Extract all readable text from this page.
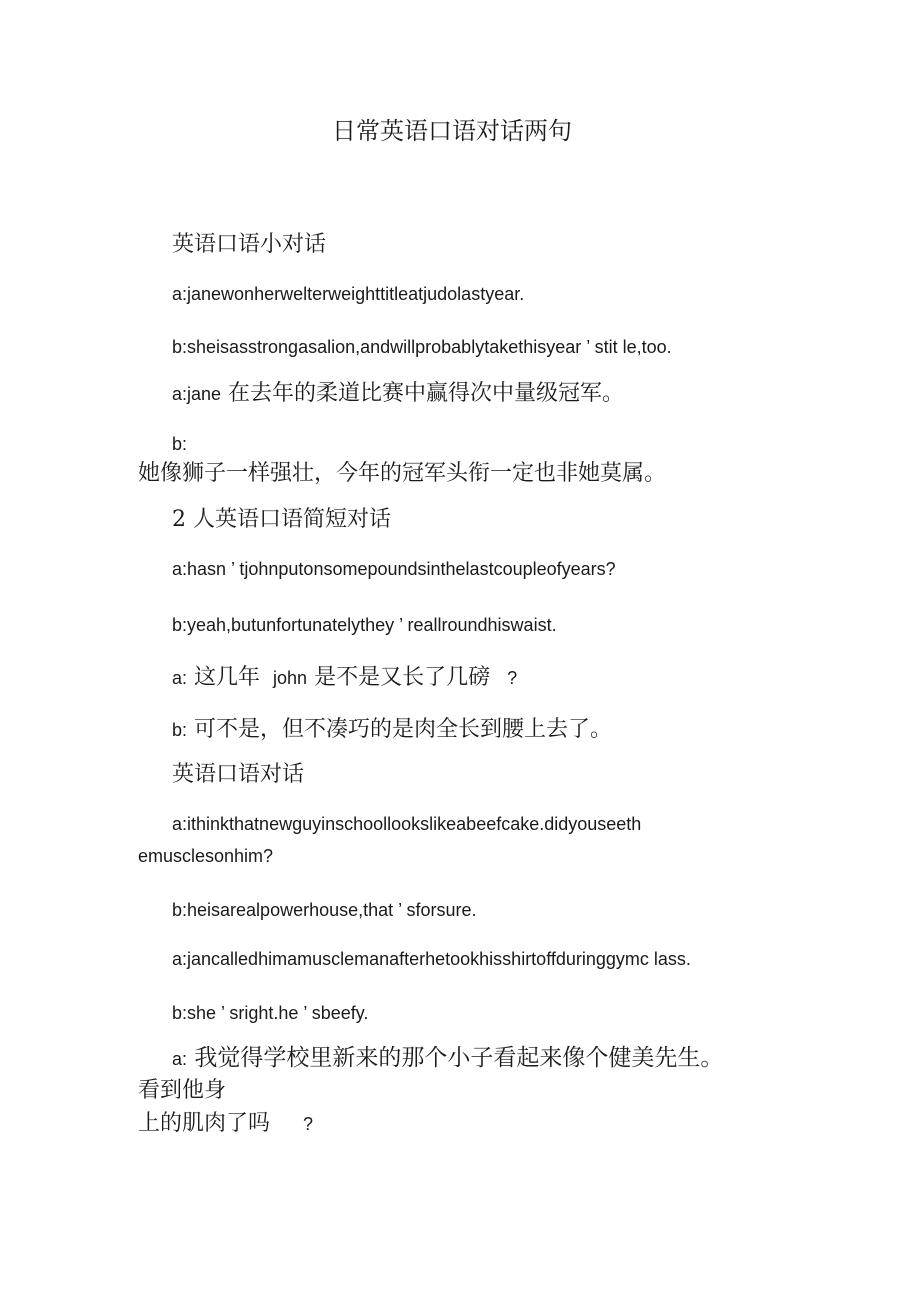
日常英语口语对话两句
英语口语小对话
a:janewonherwelterweighttitleatjudolastyear.
b:sheisasstrongasalion,andwillprobablytakethisyear ’ stit le,too.
a:jane 在去年的柔道比赛中赢得次中量级冠军。
b:
她像狮子一样强壮，今年的冠军头衔一定也非她莫属。
2 人英语口语简短对话
a:hasn ’ tjohnputonsomepoundsinthelastcoupleofyears?
b:yeah,butunfortunatelythey ’ reallroundhiswaist.
a: 这几年 john 是不是又长了几磅 ?
b: 可不是，但不凑巧的是肉全长到腰上去了。
英语口语对话
a:ithinkthatnewguyinschoollookslikeabeefcake.didyouseeth
emusclesonhim?
b:heisarealpowerhouse,that ’ sforsure.
a:jancalledhimamusclemanafterhetookhisshirtoffduringgymc lass.
b:she ’ sright.he ’ sbeefy.
a: 我觉得学校里新来的那个小子看起来像个健美先生。
看到他身
上的肌肉了吗 ?
